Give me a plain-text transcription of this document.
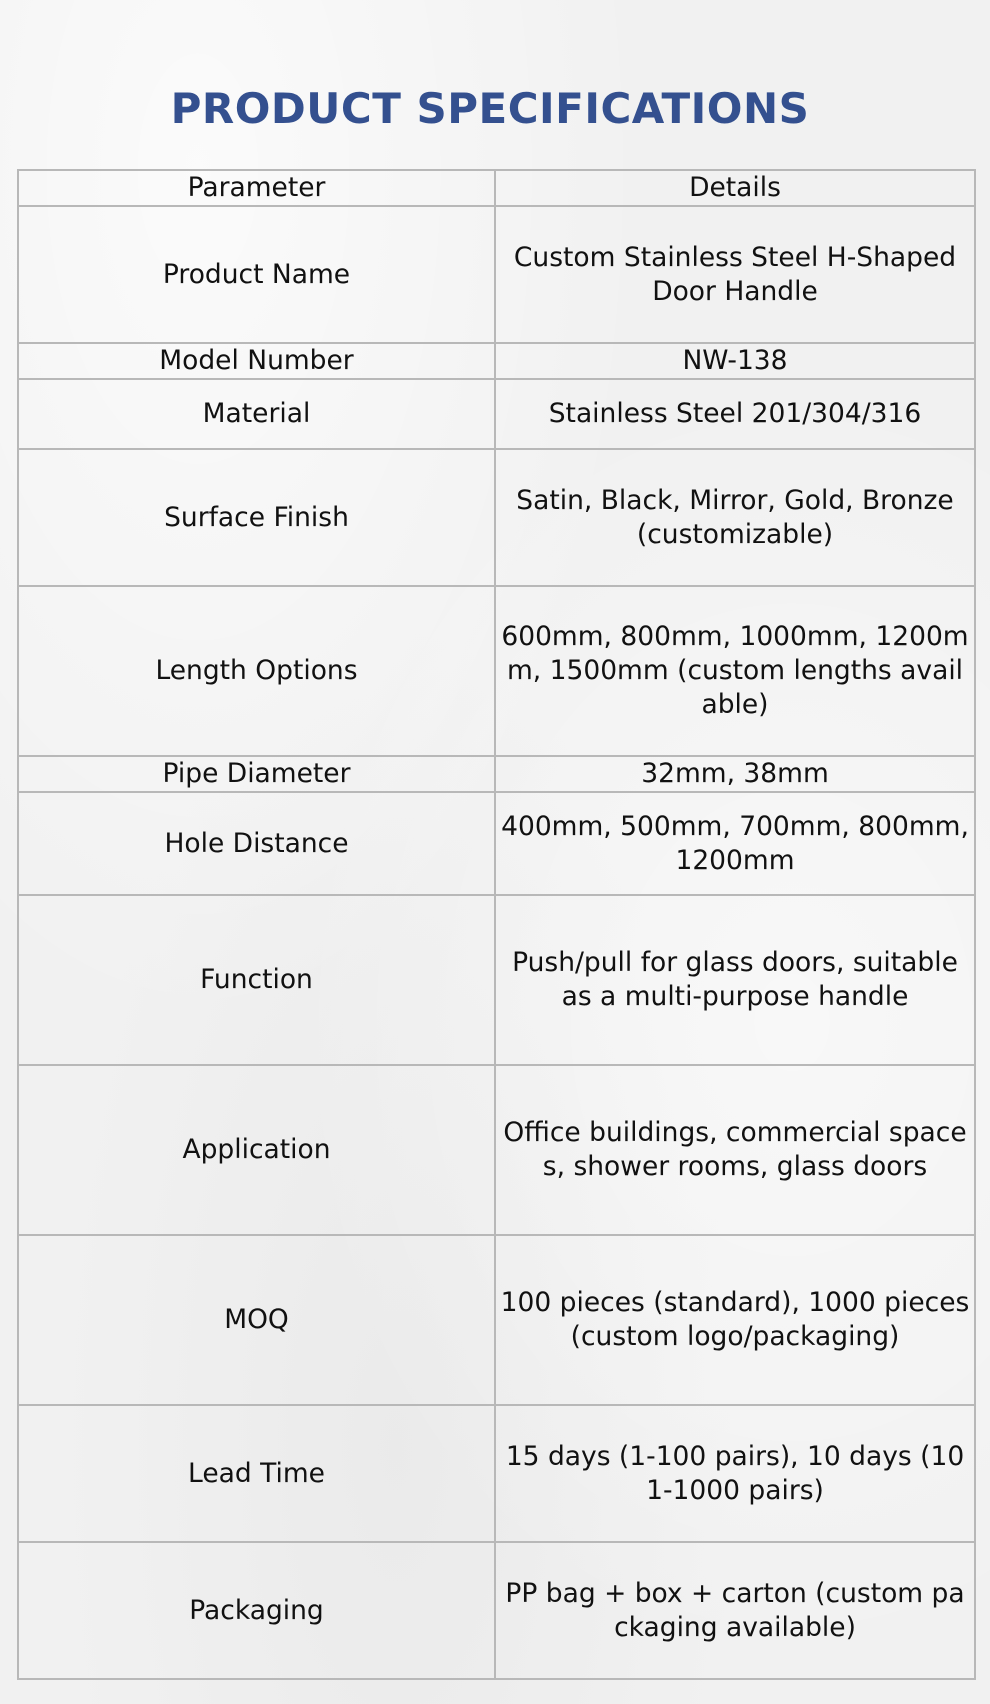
PRODUCT SPECIFICATIONS
Parameter	Details
Product Name	Custom Stainless Steel H-Shaped Door Handle
Model Number	NW-138
Material	Stainless Steel 201/304/316
Surface Finish	Satin, Black, Mirror, Gold, Bronze (customizable)
Length Options	600mm, 800mm, 1000mm, 1200mm, 1500mm (custom lengths available)
Pipe Diameter	32mm, 38mm
Hole Distance	400mm, 500mm, 700mm, 800mm, 1200mm
Function	Push/pull for glass doors, suitable as a multi-purpose handle
Application	Office buildings, commercial spaces, shower rooms, glass doors
MOQ	100 pieces (standard), 1000 pieces (custom logo/packaging)
Lead Time	15 days (1-100 pairs), 10 days (101-1000 pairs)
Packaging	PP bag + box + carton (custom packaging available)
